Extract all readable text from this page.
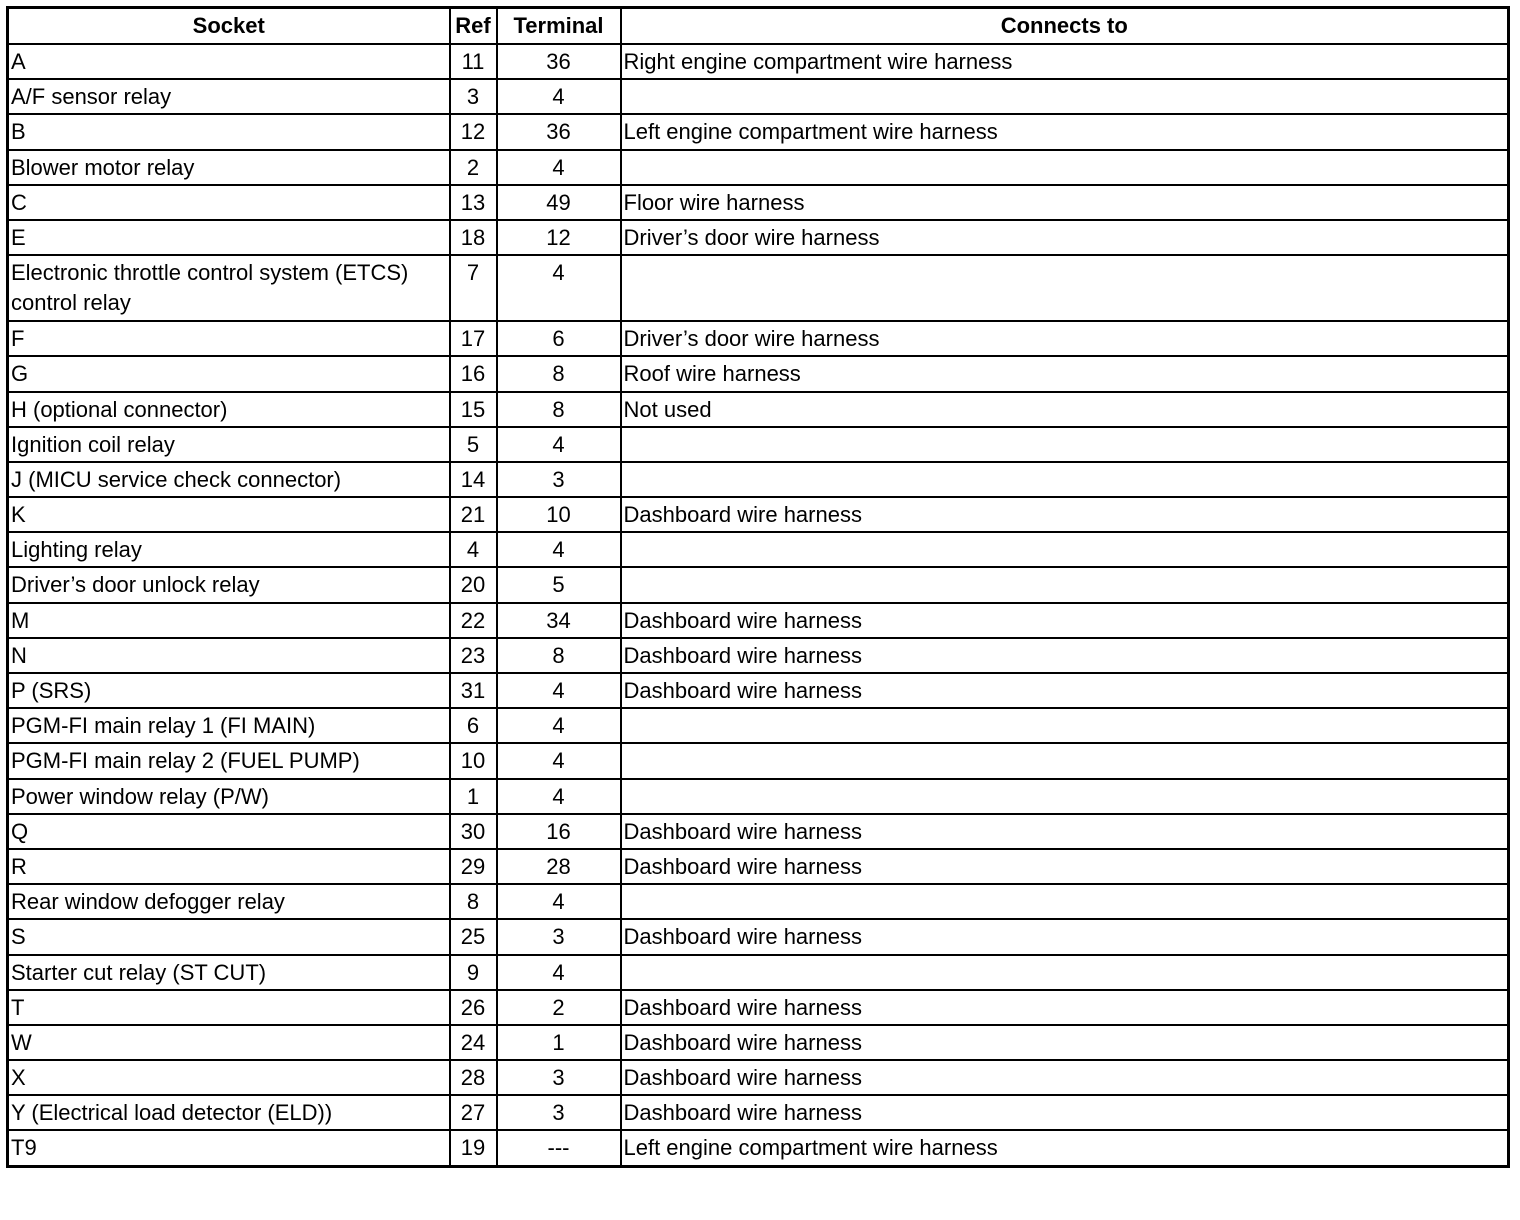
Socket	Ref	Terminal	Connects to
A	11	36	Right engine compartment wire harness
A/F sensor relay	3	4	
B	12	36	Left engine compartment wire harness
Blower motor relay	2	4	
C	13	49	Floor wire harness
E	18	12	Driver’s door wire harness
Electronic throttle control system (ETCS) control relay	7	4	
F	17	6	Driver’s door wire harness
G	16	8	Roof wire harness
H (optional connector)	15	8	Not used
Ignition coil relay	5	4	
J (MICU service check connector)	14	3	
K	21	10	Dashboard wire harness
Lighting relay	4	4	
Driver’s door unlock relay	20	5	
M	22	34	Dashboard wire harness
N	23	8	Dashboard wire harness
P (SRS)	31	4	Dashboard wire harness
PGM-FI main relay 1 (FI MAIN)	6	4	
PGM-FI main relay 2 (FUEL PUMP)	10	4	
Power window relay (P/W)	1	4	
Q	30	16	Dashboard wire harness
R	29	28	Dashboard wire harness
Rear window defogger relay	8	4	
S	25	3	Dashboard wire harness
Starter cut relay (ST CUT)	9	4	
T	26	2	Dashboard wire harness
W	24	1	Dashboard wire harness
X	28	3	Dashboard wire harness
Y (Electrical load detector (ELD))	27	3	Dashboard wire harness
T9	19	---	Left engine compartment wire harness
